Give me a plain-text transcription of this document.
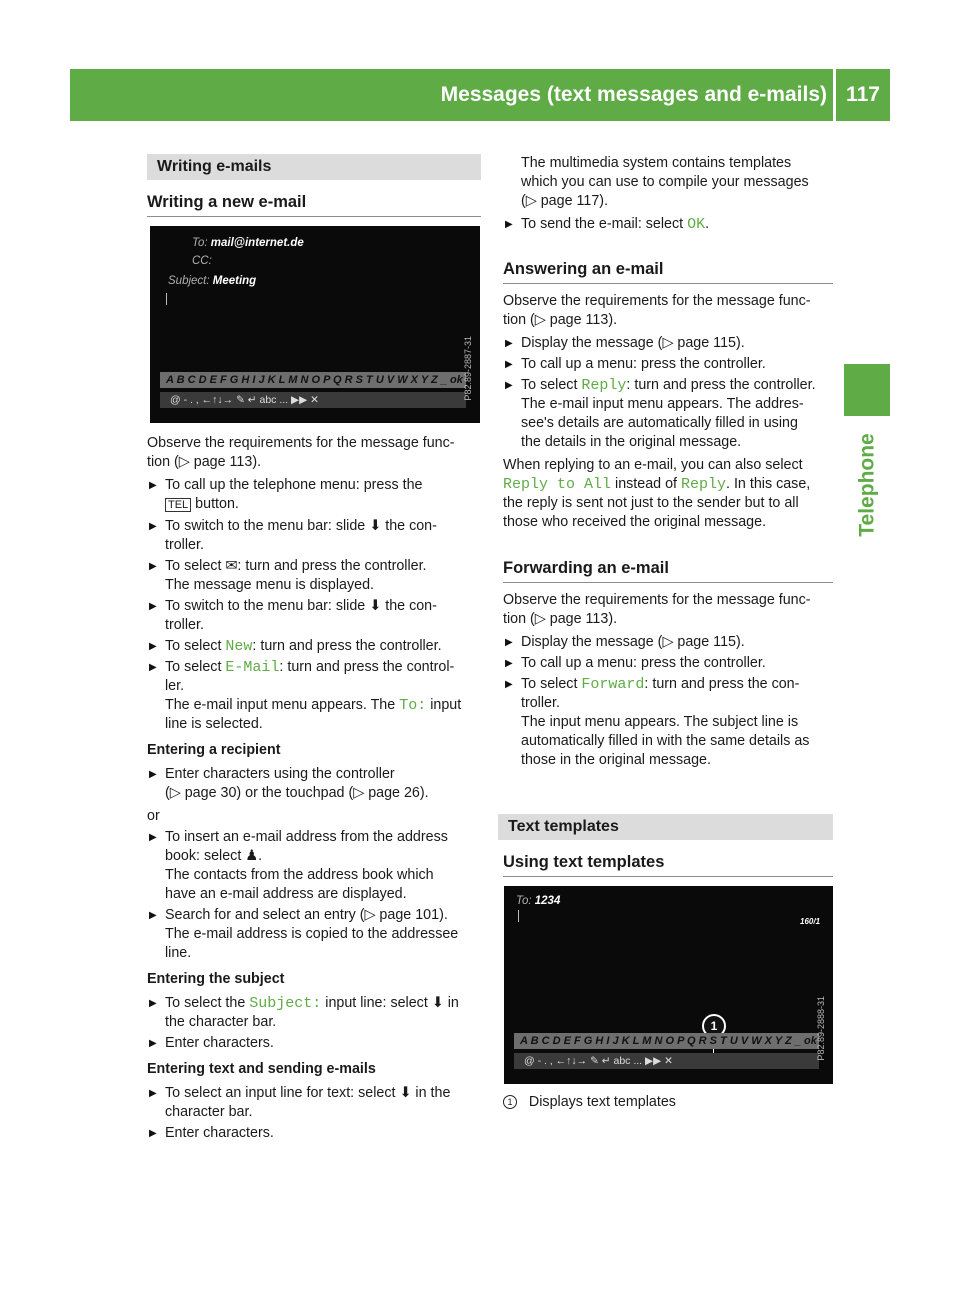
Messages (text messages and e-mails) 117
Telephone
Writing e-mails
Writing a new e-mail
To: mail@internet.de
CC:
Subject: Meeting
A B C D E F G H I J K L M N O P Q R S T U V W X Y Z _ ok
@ - . , ←↑↓→ ✎ ↵ abc ... ▶▶ ✕	P82.89-2887-31

Observe the requirements for the message func-
tion (▷ page 113).

▶ To call up the telephone menu: press the
TEL button.

▶ To switch to the menu bar: slide ⬇ the con-
troller.

▶ To select ✉: turn and press the controller.
The message menu is displayed.

▶ To switch to the menu bar: slide ⬇ the con-
troller.

▶ To select New: turn and press the controller.

▶ To select E-Mail: turn and press the control-
ler.
The e-mail input menu appears. The To: input
line is selected.

Entering a recipient

▶ Enter characters using the controller
(▷ page 30) or the touchpad (▷ page 26).

or

▶ To insert an e-mail address from the address
book: select ♟.
The contacts from the address book which
have an e-mail address are displayed.

▶ Search for and select an entry (▷ page 101).
The e-mail address is copied to the addressee
line.

Entering the subject

▶ To select the Subject: input line: select ⬇ in
the character bar.

▶ Enter characters.

Entering text and sending e-mails

▶ To select an input line for text: select ⬇ in the
character bar.

▶ Enter characters.

The multimedia system contains templates
which you can use to compile your messages
(▷ page 117).

▶ To send the e-mail: select OK.

Answering an e-mail

Observe the requirements for the message func-
tion (▷ page 113).

▶ Display the message (▷ page 115).

▶ To call up a menu: press the controller.

▶ To select Reply: turn and press the controller.
The e-mail input menu appears. The addres-
see's details are automatically filled in using
the details in the original message.

When replying to an e-mail, you can also select
Reply to All instead of Reply. In this case,
the reply is sent not just to the sender but to all
those who received the original message.

Forwarding an e-mail

Observe the requirements for the message func-
tion (▷ page 113).

▶ Display the message (▷ page 115).

▶ To call up a menu: press the controller.

▶ To select Forward: turn and press the con-
troller.
The input menu appears. The subject line is
automatically filled in with the same details as
those in the original message.

Text templates
Using text templates
To: 1234
160/1
1
A B C D E F G H I J K L M N O P Q R S T U V W X Y Z _ ok
@ - . , ←↑↓→ ✎ ↵ abc ... ▶▶ ✕
P82.89-2888-31

1 Displays text templates
